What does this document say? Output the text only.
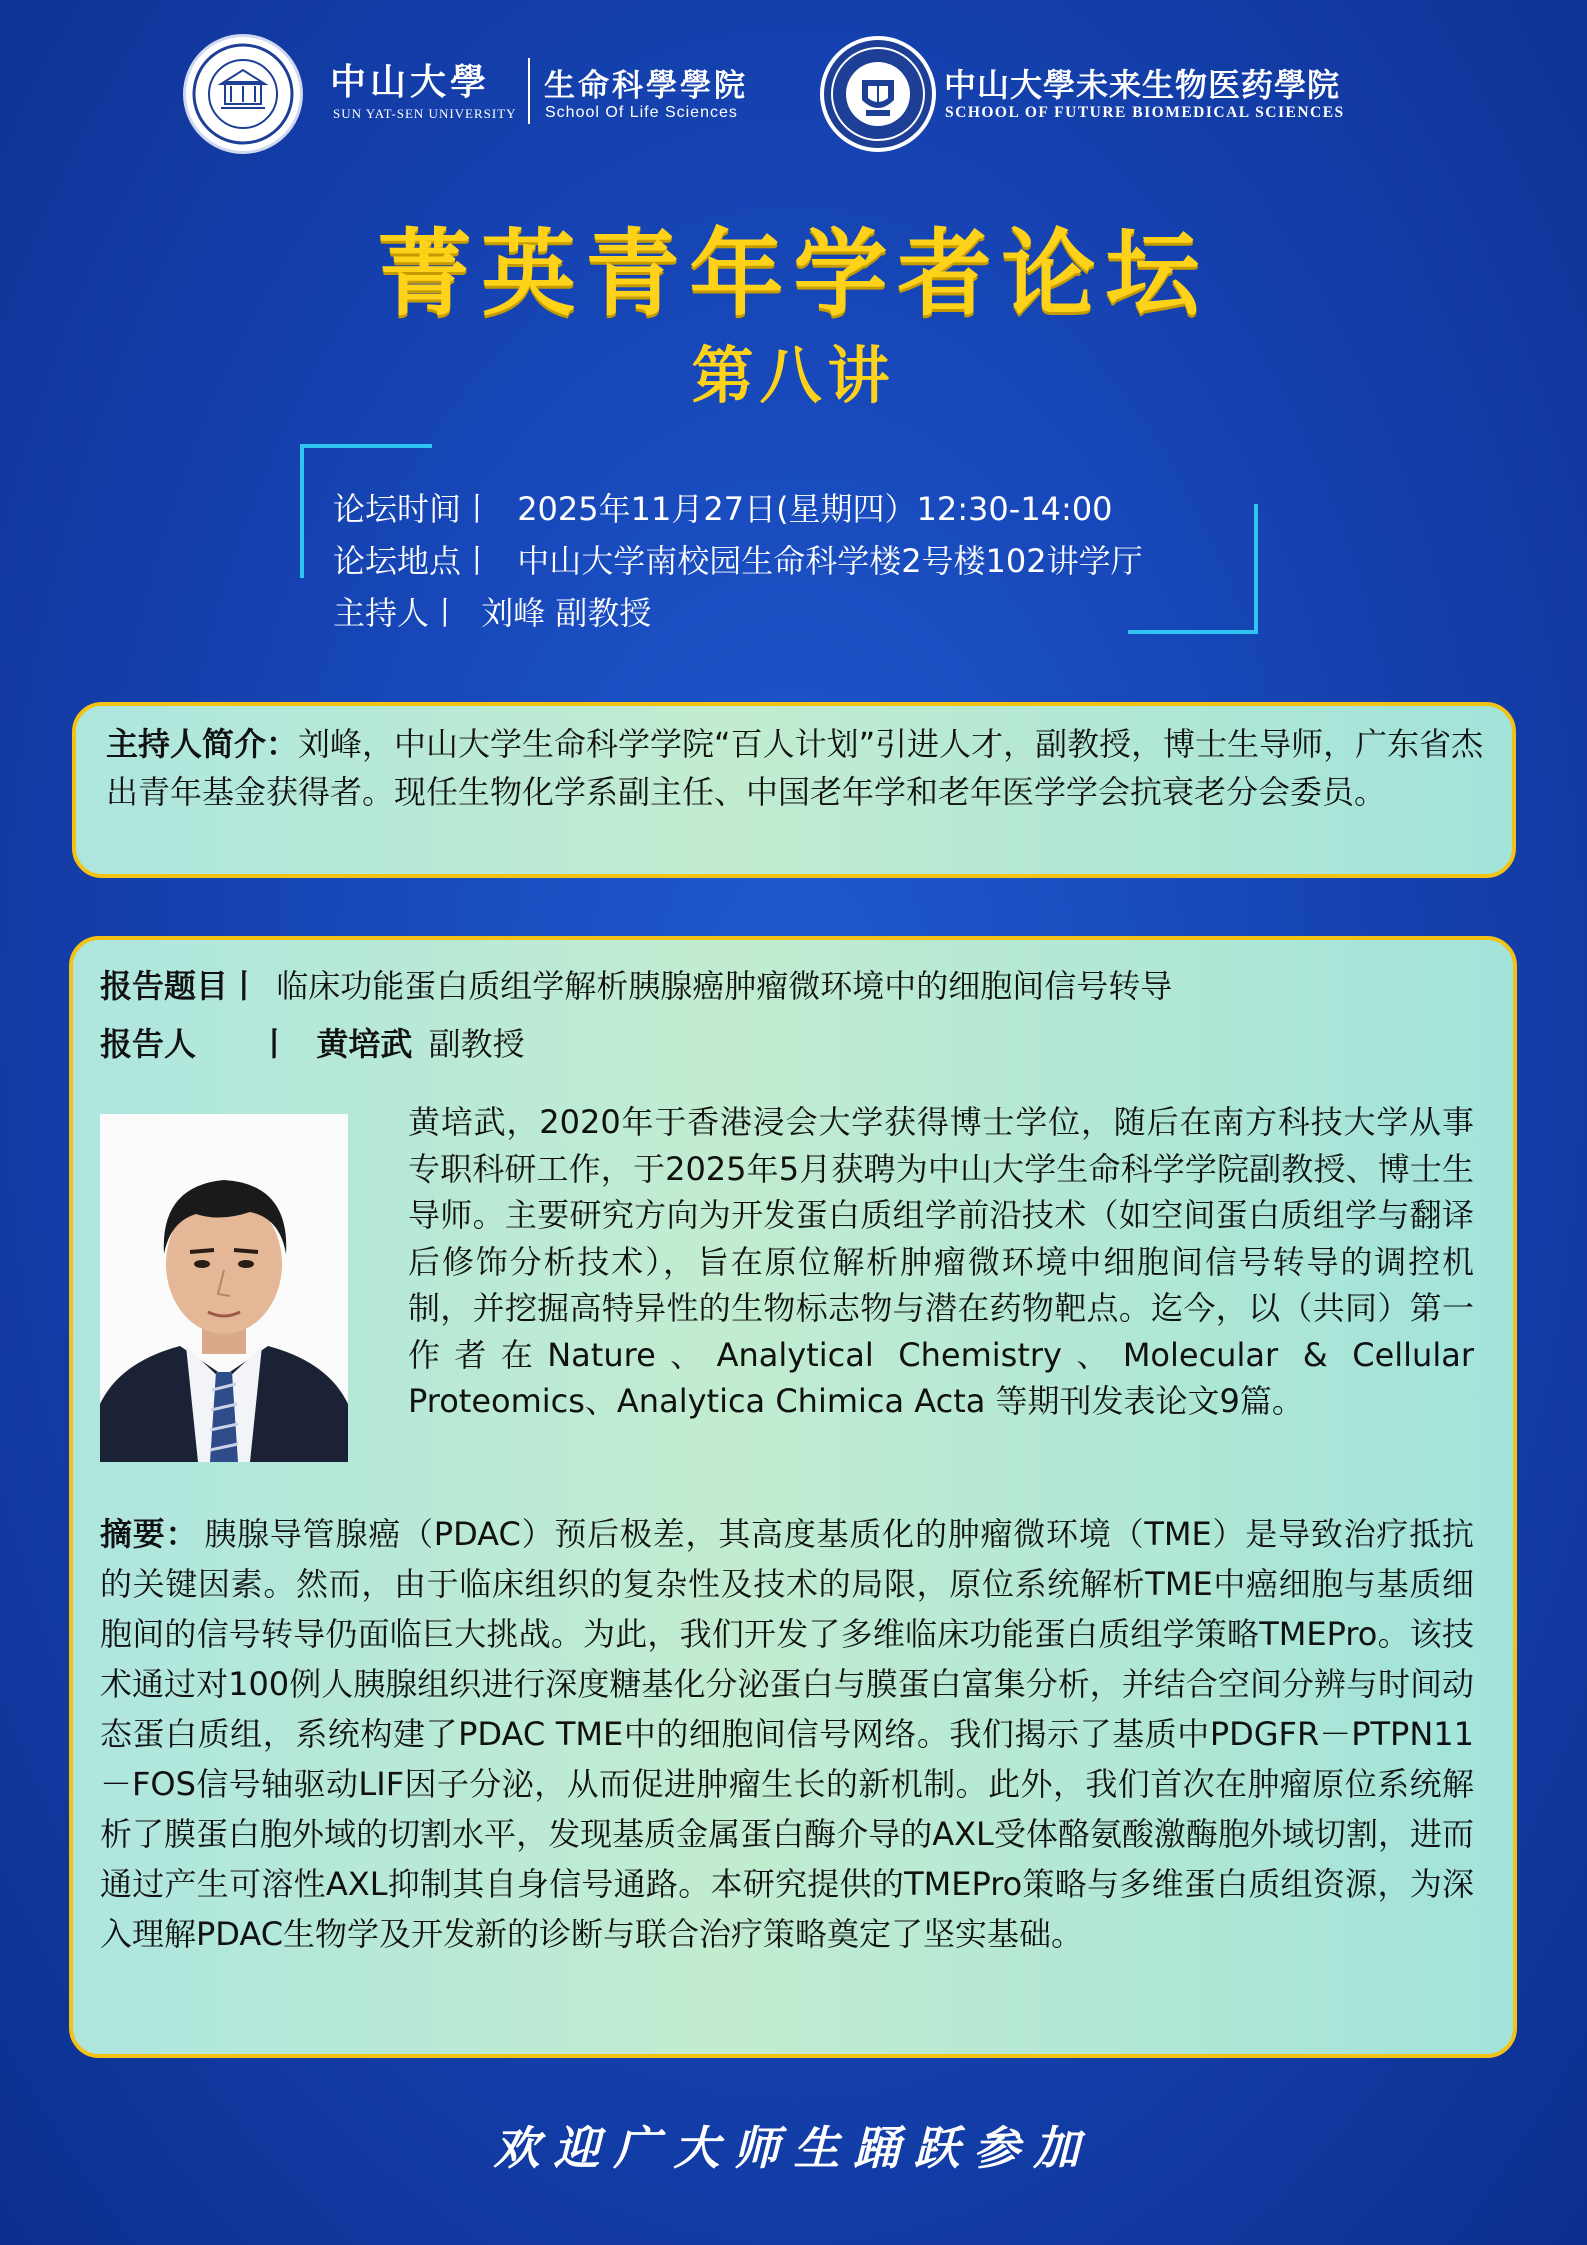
中山大學
SUN YAT-SEN UNIVERSITY
生命科學學院
School Of Life Sciences
中山大學未来生物医药學院
SCHOOL OF FUTURE BIOMEDICAL SCIENCES
菁英青年学者论坛
第八讲
论坛时间丨 2025年11月27日(星期四）12:30-14:00
论坛地点丨 中山大学南校园生命科学楼2号楼102讲学厅
主持人丨 刘峰 副教授
主持人简介：刘峰，中山大学生命科学学院“百人计划”引进人才，副教授，博士生导师，广东省杰出青年基金获得者。现任生物化学系副主任、中国老年学和老年医学学会抗衰老分会委员。
报告题目丨 临床功能蛋白质组学解析胰腺癌肿瘤微环境中的细胞间信号转导
报告人 丨 黄培武 副教授
黄培武，2020年于香港浸会大学获得博士学位，随后在南方科技大学从事专职科研工作，于2025年5月获聘为中山大学生命科学学院副教授、博士生导师。主要研究方向为开发蛋白质组学前沿技术（如空间蛋白质组学与翻译后修饰分析技术），旨在原位解析肿瘤微环境中细胞间信号转导的调控机制，并挖掘高特异性的生物标志物与潜在药物靶点。迄今，以（共同）第一作者在Nature、Analytical Chemistry、Molecular & Cellular Proteomics、Analytica Chimica Acta 等期刊发表论文9篇。
摘要： 胰腺导管腺癌（PDAC）预后极差，其高度基质化的肿瘤微环境（TME）是导致治疗抵抗的关键因素。然而，由于临床组织的复杂性及技术的局限，原位系统解析TME中癌细胞与基质细胞间的信号转导仍面临巨大挑战。为此，我们开发了多维临床功能蛋白质组学策略TMEPro。该技术通过对100例人胰腺组织进行深度糖基化分泌蛋白与膜蛋白富集分析，并结合空间分辨与时间动态蛋白质组，系统构建了PDAC TME中的细胞间信号网络。我们揭示了基质中PDGFR－PTPN11－FOS信号轴驱动LIF因子分泌，从而促进肿瘤生长的新机制。此外，我们首次在肿瘤原位系统解析了膜蛋白胞外域的切割水平，发现基质金属蛋白酶介导的AXL受体酪氨酸激酶胞外域切割，进而通过产生可溶性AXL抑制其自身信号通路。本研究提供的TMEPro策略与多维蛋白质组资源，为深入理解PDAC生物学及开发新的诊断与联合治疗策略奠定了坚实基础。
欢迎广大师生踊跃参加
